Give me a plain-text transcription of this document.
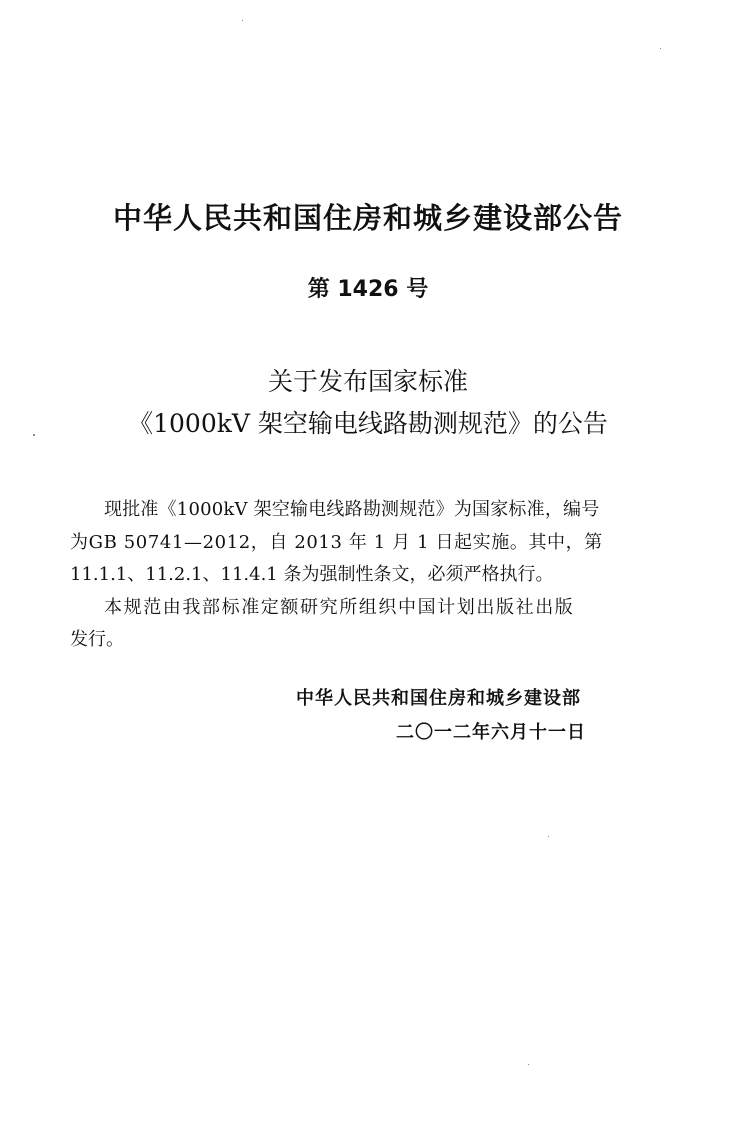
中华人民共和国住房和城乡建设部公告
第 1426 号
关于发布国家标准
《1000kV 架空输电线路勘测规范》的公告
现批准《1000kV 架空输电线路勘测规范》为国家标准，编号
为GB 50741—2012，自 2013 年 1 月 1 日起实施。其中，第
11.1.1、11.2.1、11.4.1 条为强制性条文，必须严格执行。
本规范由我部标准定额研究所组织中国计划出版社出版
发行。
中华人民共和国住房和城乡建设部
二〇一二年六月十一日
